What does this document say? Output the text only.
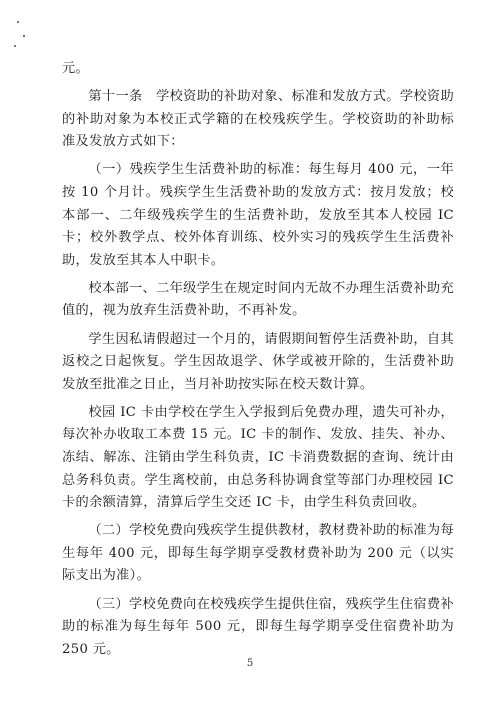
元。

第十一条　学校资助的补助对象、标准和发放方式。学校资助的补助对象为本校正式学籍的在校残疾学生。学校资助的补助标准及发放方式如下：

（一）残疾学生生活费补助的标准：每生每月 400 元，一年按 10 个月计。残疾学生生活费补助的发放方式：按月发放；校本部一、二年级残疾学生的生活费补助，发放至其本人校园 IC 卡；校外教学点、校外体育训练、校外实习的残疾学生生活费补助，发放至其本人中职卡。

校本部一、二年级学生在规定时间内无故不办理生活费补助充值的，视为放弃生活费补助，不再补发。

学生因私请假超过一个月的，请假期间暂停生活费补助，自其返校之日起恢复。学生因故退学、休学或被开除的，生活费补助发放至批准之日止，当月补助按实际在校天数计算。

校园 IC 卡由学校在学生入学报到后免费办理，遗失可补办，每次补办收取工本费 15 元。IC 卡的制作、发放、挂失、补办、冻结、解冻、注销由学生科负责，IC 卡消费数据的查询、统计由总务科负责。学生离校前，由总务科协调食堂等部门办理校园 IC 卡的余额清算，清算后学生交还 IC 卡，由学生科负责回收。

（二）学校免费向残疾学生提供教材，教材费补助的标准为每生每年 400 元，即每生每学期享受教材费补助为 200 元（以实际支出为准）。

（三）学校免费向在校残疾学生提供住宿，残疾学生住宿费补助的标准为每生每年 500 元，即每生每学期享受住宿费补助为 250 元。

5
